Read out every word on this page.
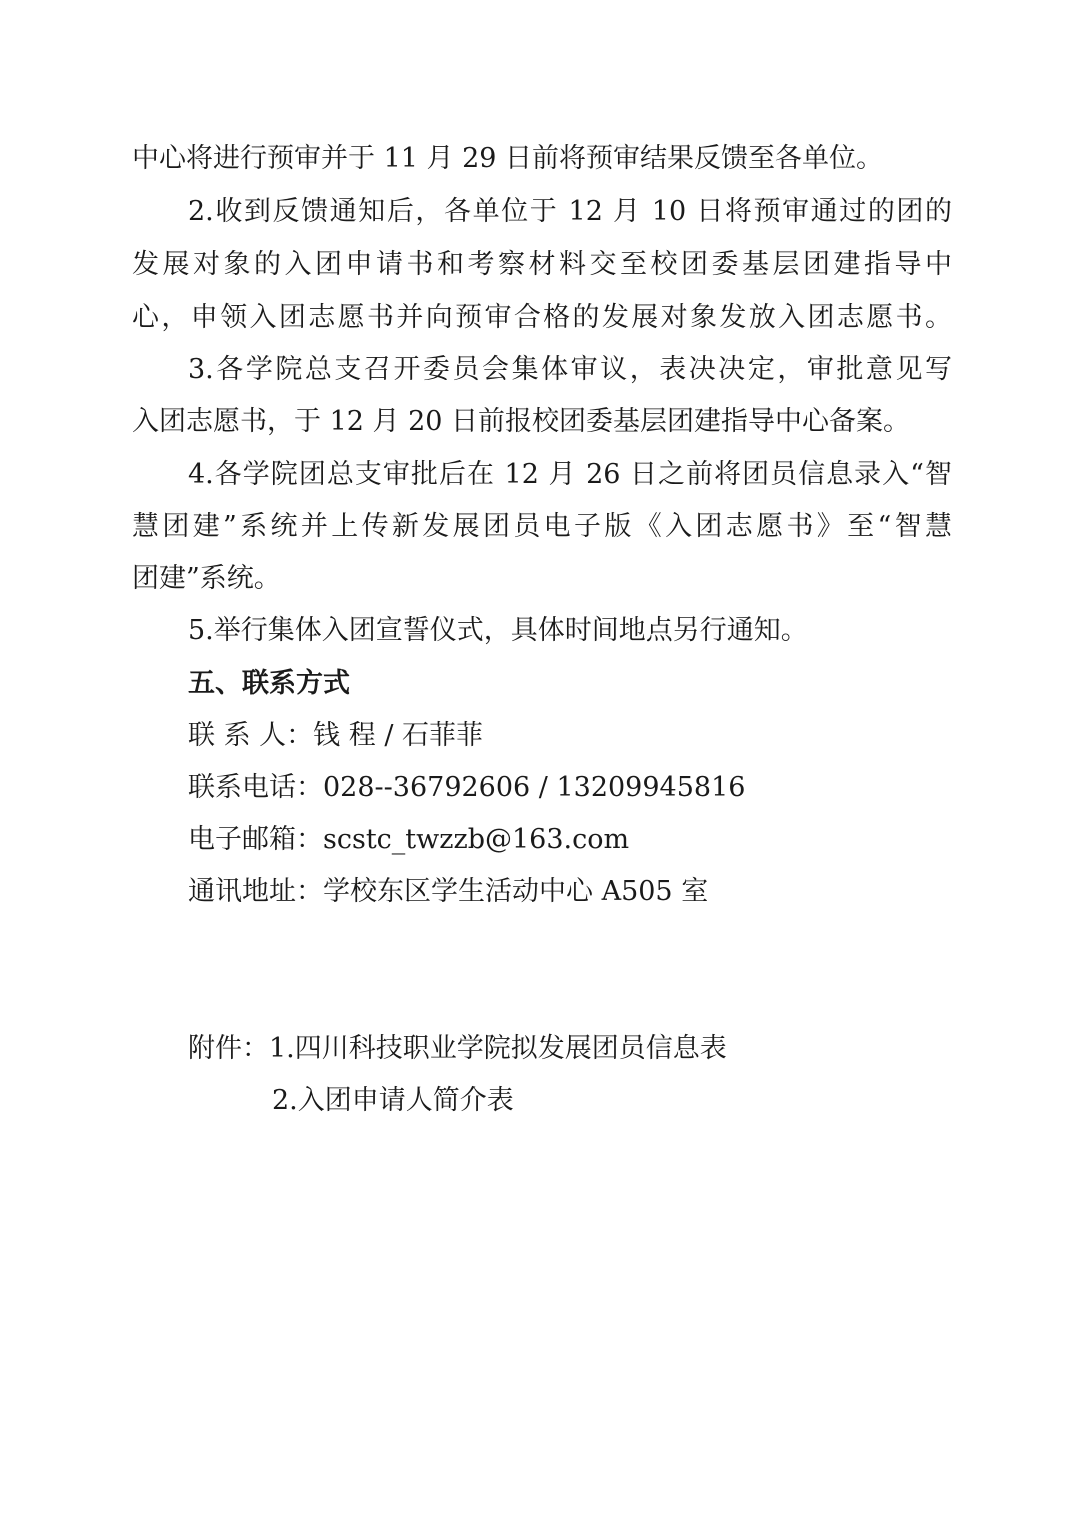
中心将进行预审并于 11 月 29 日前将预审结果反馈至各单位。
2.收到反馈通知后，各单位于 12 月 10 日将预审通过的团的
发展对象的入团申请书和考察材料交至校团委基层团建指导中
心，申领入团志愿书并向预审合格的发展对象发放入团志愿书。
3.各学院总支召开委员会集体审议，表决决定，审批意见写
入团志愿书，于 12 月 20 日前报校团委基层团建指导中心备案。
4.各学院团总支审批后在 12 月 26 日之前将团员信息录入“智
慧团建”系统并上传新发展团员电子版《入团志愿书》至“智慧
团建”系统。
5.举行集体入团宣誓仪式，具体时间地点另行通知。
五、联系方式
联 系 人：钱 程 / 石菲菲
联系电话：028--36792606 / 13209945816
电子邮箱：scstc_twzzb@163.com
通讯地址：学校东区学生活动中心 A505 室
附件：1.四川科技职业学院拟发展团员信息表
2.入团申请人简介表
